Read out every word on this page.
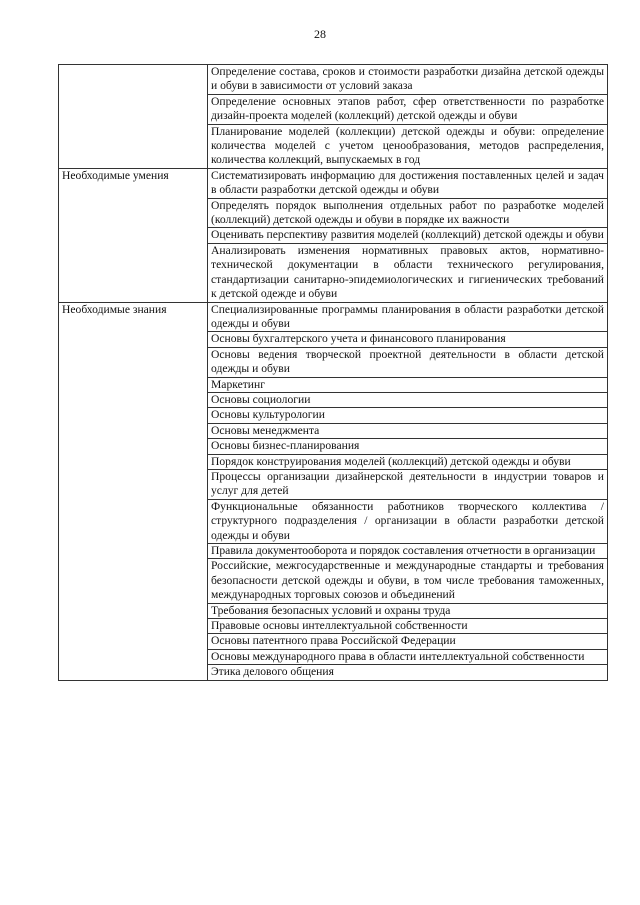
28

	Определение состава, сроков и стоимости разработки дизайна детской одежды и обуви в зависимости от условий заказа

	Определение основных этапов работ, сфер ответственности по разработке дизайн-проекта моделей (коллекций) детской одежды и обуви

	Планирование моделей (коллекции) детской одежды и обуви: определение количества моделей с учетом ценообразования, методов распределения, количества коллекций, выпускаемых в год

Необходимые умения	Систематизировать информацию для достижения поставленных целей и задач в области разработки детской одежды и обуви

	Определять порядок выполнения отдельных работ по разработке моделей (коллекций) детской одежды и обуви в порядке их важности

	Оценивать перспективу развития моделей (коллекций) детской одежды и обуви

	Анализировать изменения нормативных правовых актов, нормативно-технической документации в области технического регулирования, стандартизации санитарно-эпидемиологических и гигиенических требований к детской одежде и обуви

Необходимые знания	Специализированные программы планирования в области разработки детской одежды и обуви

	Основы бухгалтерского учета и финансового планирования

	Основы ведения творческой проектной деятельности в области детской одежды и обуви

	Маркетинг

	Основы социологии

	Основы культурологии

	Основы менеджмента

	Основы бизнес-планирования

	Порядок конструирования моделей (коллекций) детской одежды и обуви

	Процессы организации дизайнерской деятельности в индустрии товаров и услуг для детей

	Функциональные обязанности работников творческого коллектива / структурного подразделения / организации в области разработки детской одежды и обуви

	Правила документооборота и порядок составления отчетности в организации

	Российские, межгосударственные и международные стандарты и требования безопасности детской одежды и обуви, в том числе требования таможенных, международных торговых союзов и объединений

	Требования безопасных условий и охраны труда

	Правовые основы интеллектуальной собственности

	Основы патентного права Российской Федерации

	Основы международного права в области интеллектуальной собственности

	Этика делового общения
